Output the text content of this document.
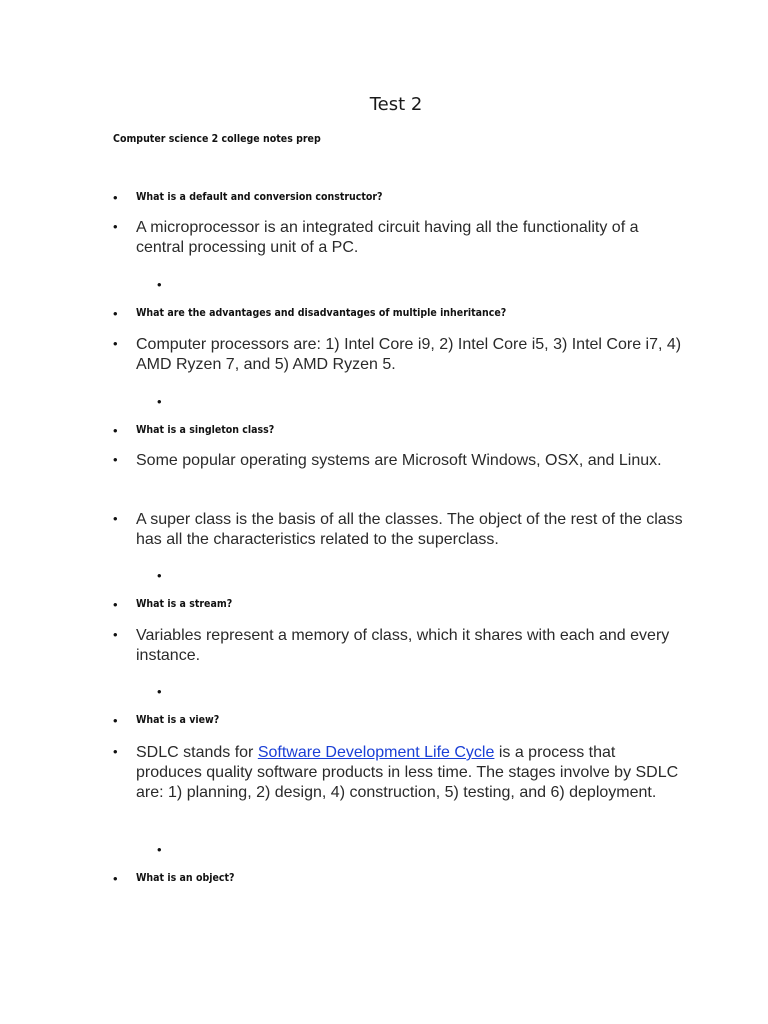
Test 2
Computer science 2 college notes prep
• What is a default and conversion constructor?
• A microprocessor is an integrated circuit having all the functionality of a central processing unit of a PC.
•
• What are the advantages and disadvantages of multiple inheritance?
• Computer processors are: 1) Intel Core i9, 2) Intel Core i5, 3) Intel Core i7, 4) AMD Ryzen 7, and 5) AMD Ryzen 5.
•
• What is a singleton class?
• Some popular operating systems are Microsoft Windows, OSX, and Linux.
• A super class is the basis of all the classes. The object of the rest of the class has all the characteristics related to the superclass.
•
• What is a stream?
• Variables represent a memory of class, which it shares with each and every instance.
•
• What is a view?
• SDLC stands for Software Development Life Cycle is a process that produces quality software products in less time. The stages involve by SDLC are: 1) planning, 2) design, 4) construction, 5) testing, and 6) deployment.
•
• What is an object?
